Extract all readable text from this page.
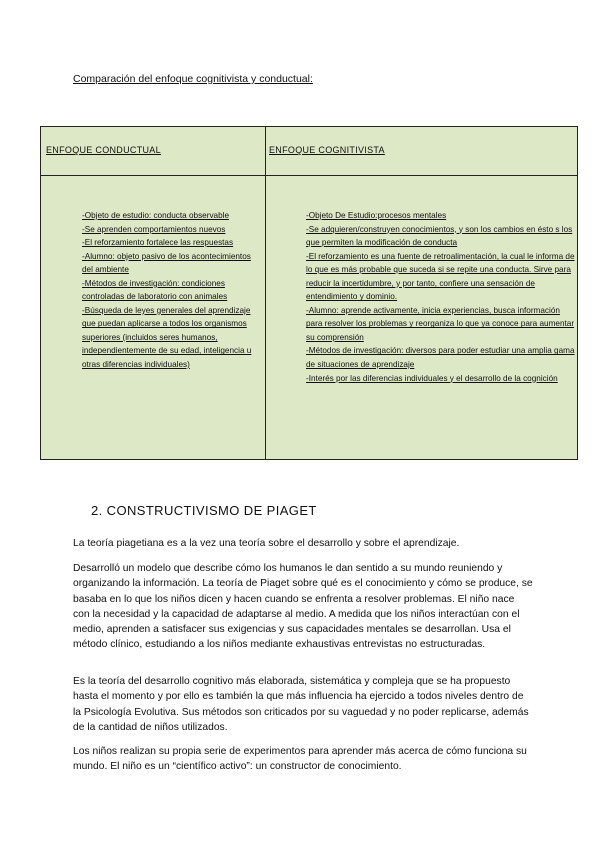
Comparación del enfoque cognitivista y conductual:
ENFOQUE CONDUCTUAL	ENFOQUE COGNITIVISTA
-Objeto de estudio: conducta observable
-Se aprenden comportamientos nuevos
-El reforzamiento fortalece las respuestas
-Alumno: objeto pasivo de los acontecimientos del ambiente
-Métodos de investigación: condiciones controladas de laboratorio con animales
-Búsqueda de leyes generales del aprendizaje que puedan aplicarse a todos los organismos superiores (incluidos seres humanos, independientemente de su edad, inteligencia u otras diferencias individuales)
-Objeto De Estudio:procesos mentales
-Se adquieren/construyen conocimientos, y son los cambios en ésto s los que permiten la modificación de conducta
-El reforzamiento es una fuente de retroalimentación, la cual le informa de lo que es más probable que suceda si se repite una conducta. Sirve para reducir la incertidumbre, y por tanto, confiere una sensación de entendimiento y dominio.
-Alumno: aprende activamente, inicia experiencias, busca información para resolver los problemas y reorganiza lo que ya conoce para aumentar su comprensión
-Métodos de investigación: diversos para poder estudiar una amplia gama de situaciones de aprendizaje
-Interés por las diferencias individuales y el desarrollo de la cognición
2. CONSTRUCTIVISMO DE PIAGET
La teoría piagetiana es a la vez una teoría sobre el desarrollo y sobre el aprendizaje.
Desarrolló un modelo que describe cómo los humanos le dan sentido a su mundo reuniendo y organizando la información. La teoría de Piaget sobre qué es el conocimiento y cómo se produce, se basaba en lo que los niños dicen y hacen cuando se enfrenta a resolver problemas. El niño nace con la necesidad y la capacidad de adaptarse al medio. A medida que los niños interactúan con el medio, aprenden a satisfacer sus exigencias y sus capacidades mentales se desarrollan. Usa el método clínico, estudiando a los niños mediante exhaustivas entrevistas no estructuradas.
Es la teoría del desarrollo cognitivo más elaborada, sistemática y compleja que se ha propuesto hasta el momento y por ello es también la que más influencia ha ejercido a todos niveles dentro de la Psicología Evolutiva. Sus métodos son criticados por su vaguedad y no poder replicarse, además de la cantidad de niños utilizados.
Los niños realizan su propia serie de experimentos para aprender más acerca de cómo funciona su mundo. El niño es un “científico activo”: un constructor de conocimiento.
